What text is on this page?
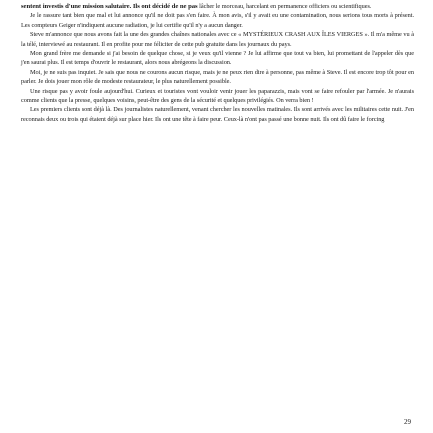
sentent investis d'une mission salutaire. Ils ont décidé de ne pas lâcher le morceau, harcelant en permanence officiers ou scientifiques.

Je le rassure tant bien que mal et lui annonce qu'il ne doit pas s'en faire. À mon avis, s'il y avait eu une contamination, nous serions tous morts à présent. Les compteurs Geiger n'indiquent aucune radiation, je lui certifie qu'il n'y a aucun danger.

Steve m'annonce que nous avons fait la une des grandes chaînes nationales avec ce « MYSTÉRIEUX CRASH AUX ÎLES VIERGES ». Il m'a même vu à la télé, interviewé au restaurant. Il en profite pour me féliciter de cette pub gratuite dans les journaux du pays.

Mon grand frère me demande si j'ai besoin de quelque chose, si je veux qu'il vienne ? Je lui affirme que tout va bien, lui promettant de l'appeler dès que j'en saurai plus. Il est temps d'ouvrir le restaurant, alors nous abrégeons la discussion.

Moi, je ne suis pas inquiet. Je sais que nous ne courons aucun risque, mais je ne peux rien dire à personne, pas même à Steve. Il est encore trop tôt pour en parler. Je dois jouer mon rôle de modeste restaurateur, le plus naturellement possible.

Une risque pas y avoir foule aujourd'hui. Curieux et touristes vont vouloir venir jouer les paparazzis, mais vont se faire refouler par l'armée. Je n'aurais comme clients que la presse, quelques voisins, peut-être des gens de la sécurité et quelques privilégiés. On verra bien !

Les premiers clients sont déjà là. Des journalistes naturellement, venant chercher les nouvelles matinales. Ils sont arrivés avec les militaires cette nuit. J'en reconnais deux ou trois qui étaient déjà sur place hier. Ils ont une tête à faire peur. Ceux-là n'ont pas passé une bonne nuit. Ils ont dû faire le forcing

29
